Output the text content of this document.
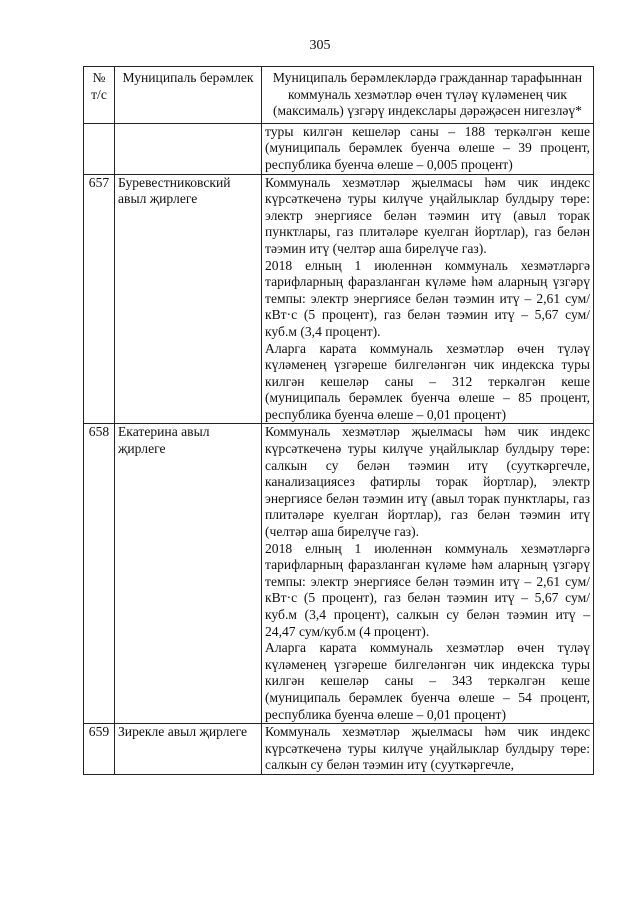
305
№ т/с	Муниципаль берәмлек	Муниципаль берәмлекләрдә гражданнар тарафыннан коммуналь хезмәтләр өчен түләү күләменең чик (максималь) үзгәрү индекслары дәрәҗәсен нигезләү*

		туры килгән кешеләр саны – 188 теркәлгән кеше (муниципаль берәмлек буенча өлеше – 39 процент, республика буенча өлеше – 0,005 процент)

657	Буревестниковский авыл җирлеге	Коммуналь хезмәтләр җыелмасы һәм чик индекс күрсәткеченә туры килүче уңайлыклар булдыру төре: электр энергиясе белән тәэмин итү (авыл торак пунктлары, газ плитәләре куелган йортлар), газ белән тәэмин итү (челтәр аша бирелүче газ).

2018 елның 1 июленнән коммуналь хезмәтләргә тарифларның фаразланган күләме һәм аларның үзгәрү темпы: электр энергиясе белән тәэмин итү – 2,61 сум/кВт·с (5 процент), газ белән тәэмин итү – 5,67 сум/куб.м (3,4 процент).

Аларга карата коммуналь хезмәтләр өчен түләү күләменең үзгәреше билгеләнгән чик индекска туры килгән кешеләр саны – 312 теркәлгән кеше (муниципаль берәмлек буенча өлеше – 85 процент, республика буенча өлеше – 0,01 процент)

658	Екатерина авыл җирлеге	Коммуналь хезмәтләр җыелмасы һәм чик индекс күрсәткеченә туры килүче уңайлыклар булдыру төре: салкын су белән тәэмин итү (сууткәргечле, канализациясез фатирлы торак йортлар), электр энергиясе белән тәэмин итү (авыл торак пунктлары, газ плитәләре куелган йортлар), газ белән тәэмин итү (челтәр аша бирелүче газ).

2018 елның 1 июленнән коммуналь хезмәтләргә тарифларның фаразланган күләме һәм аларның үзгәрү темпы: электр энергиясе белән тәэмин итү – 2,61 сум/кВт·с (5 процент), газ белән тәэмин итү – 5,67 сум/куб.м (3,4 процент), салкын су белән тәэмин итү – 24,47 сум/куб.м (4 процент).

Аларга карата коммуналь хезмәтләр өчен түләү күләменең үзгәреше билгеләнгән чик индекска туры килгән кешеләр саны – 343 теркәлгән кеше (муниципаль берәмлек буенча өлеше – 54 процент, республика буенча өлеше – 0,01 процент)

659	Зирекле авыл җирлеге	Коммуналь хезмәтләр җыелмасы һәм чик индекс күрсәткеченә туры килүче уңайлыклар булдыру төре: салкын су белән тәэмин итү (сууткәргечле,
